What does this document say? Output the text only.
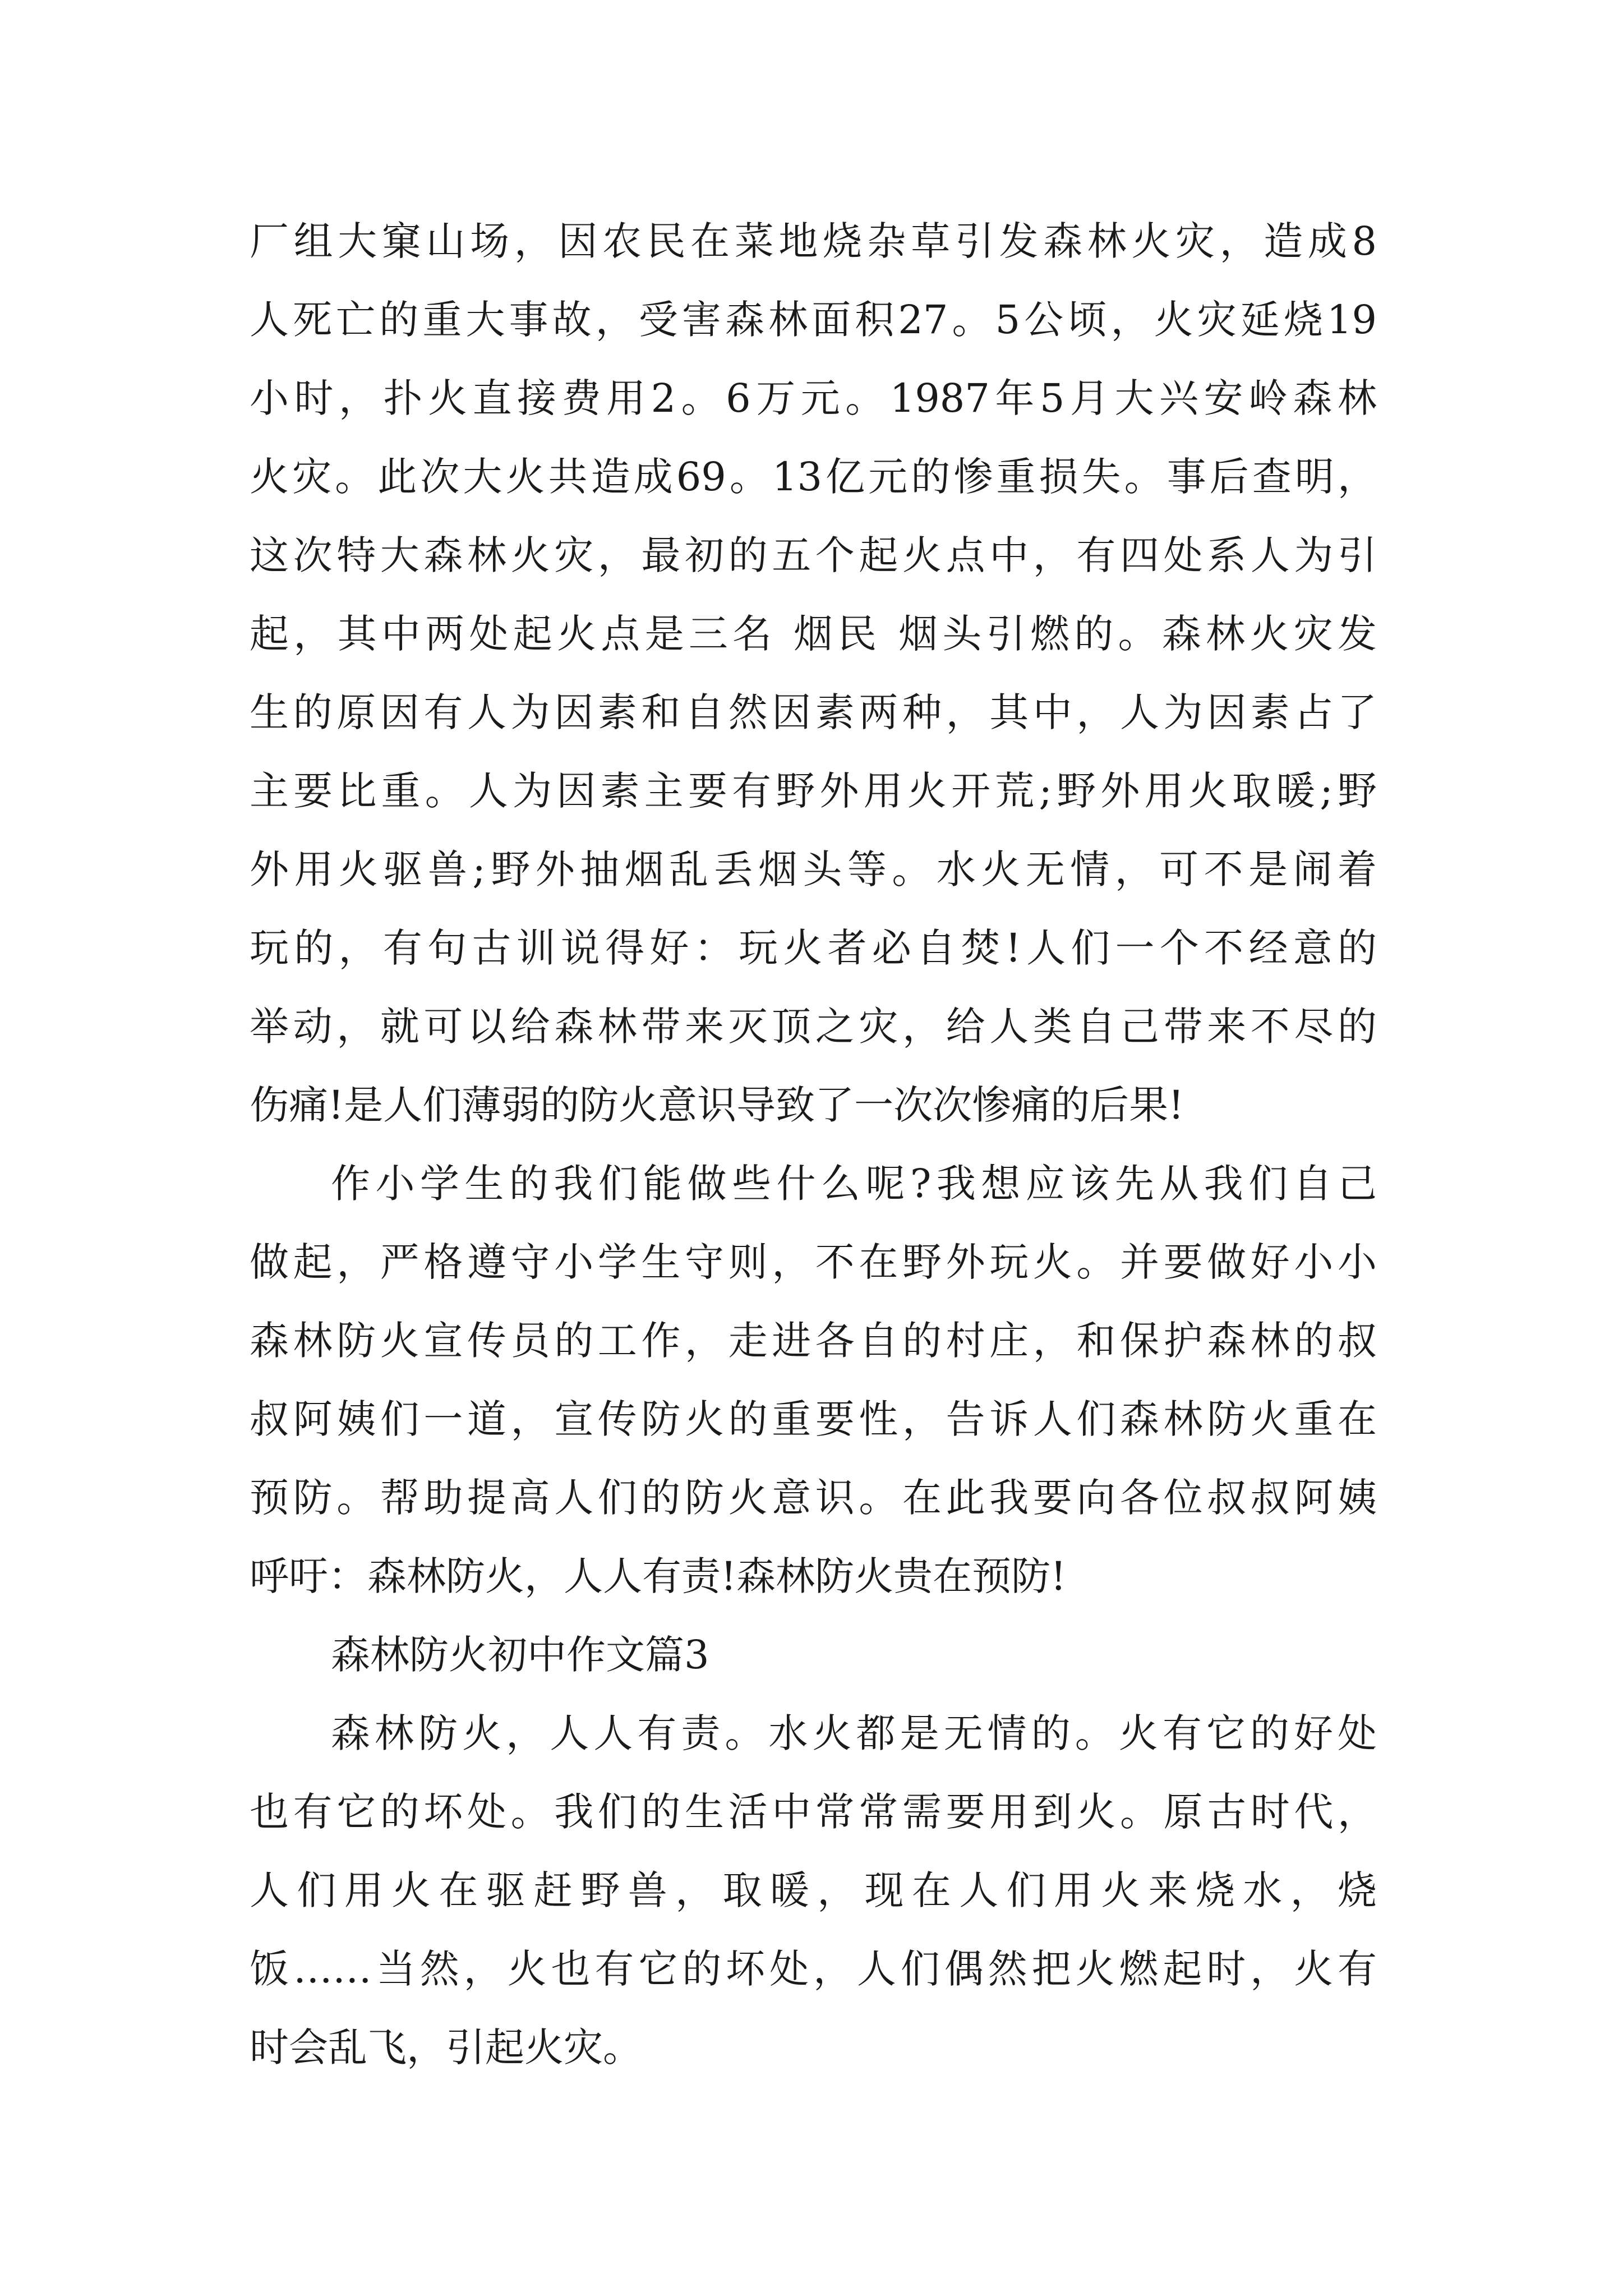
厂组大窠山场，因农民在菜地烧杂草引发森林火灾，造成8
人死亡的重大事故，受害森林面积27。5公顷，火灾延烧19
小时，扑火直接费用2。6万元。1987年5月大兴安岭森林
火灾。此次大火共造成69。13亿元的惨重损失。事后查明，
这次特大森林火灾，最初的五个起火点中，有四处系人为引
起，其中两处起火点是三名 烟民 烟头引燃的。森林火灾发
生的原因有人为因素和自然因素两种，其中，人为因素占了
主要比重。人为因素主要有野外用火开荒;野外用火取暖;野
外用火驱兽;野外抽烟乱丢烟头等。水火无情，可不是闹着
玩的，有句古训说得好：玩火者必自焚!人们一个不经意的
举动，就可以给森林带来灭顶之灾，给人类自己带来不尽的
伤痛!是人们薄弱的防火意识导致了一次次惨痛的后果!
作小学生的我们能做些什么呢?我想应该先从我们自己
做起，严格遵守小学生守则，不在野外玩火。并要做好小小
森林防火宣传员的工作，走进各自的村庄，和保护森林的叔
叔阿姨们一道，宣传防火的重要性，告诉人们森林防火重在
预防。帮助提高人们的防火意识。在此我要向各位叔叔阿姨
呼吁：森林防火，人人有责!森林防火贵在预防!
森林防火初中作文篇3
森林防火，人人有责。水火都是无情的。火有它的好处
也有它的坏处。我们的生活中常常需要用到火。原古时代，
人们用火在驱赶野兽，取暖，现在人们用火来烧水，烧
饭……当然，火也有它的坏处，人们偶然把火燃起时，火有
时会乱飞，引起火灾。
